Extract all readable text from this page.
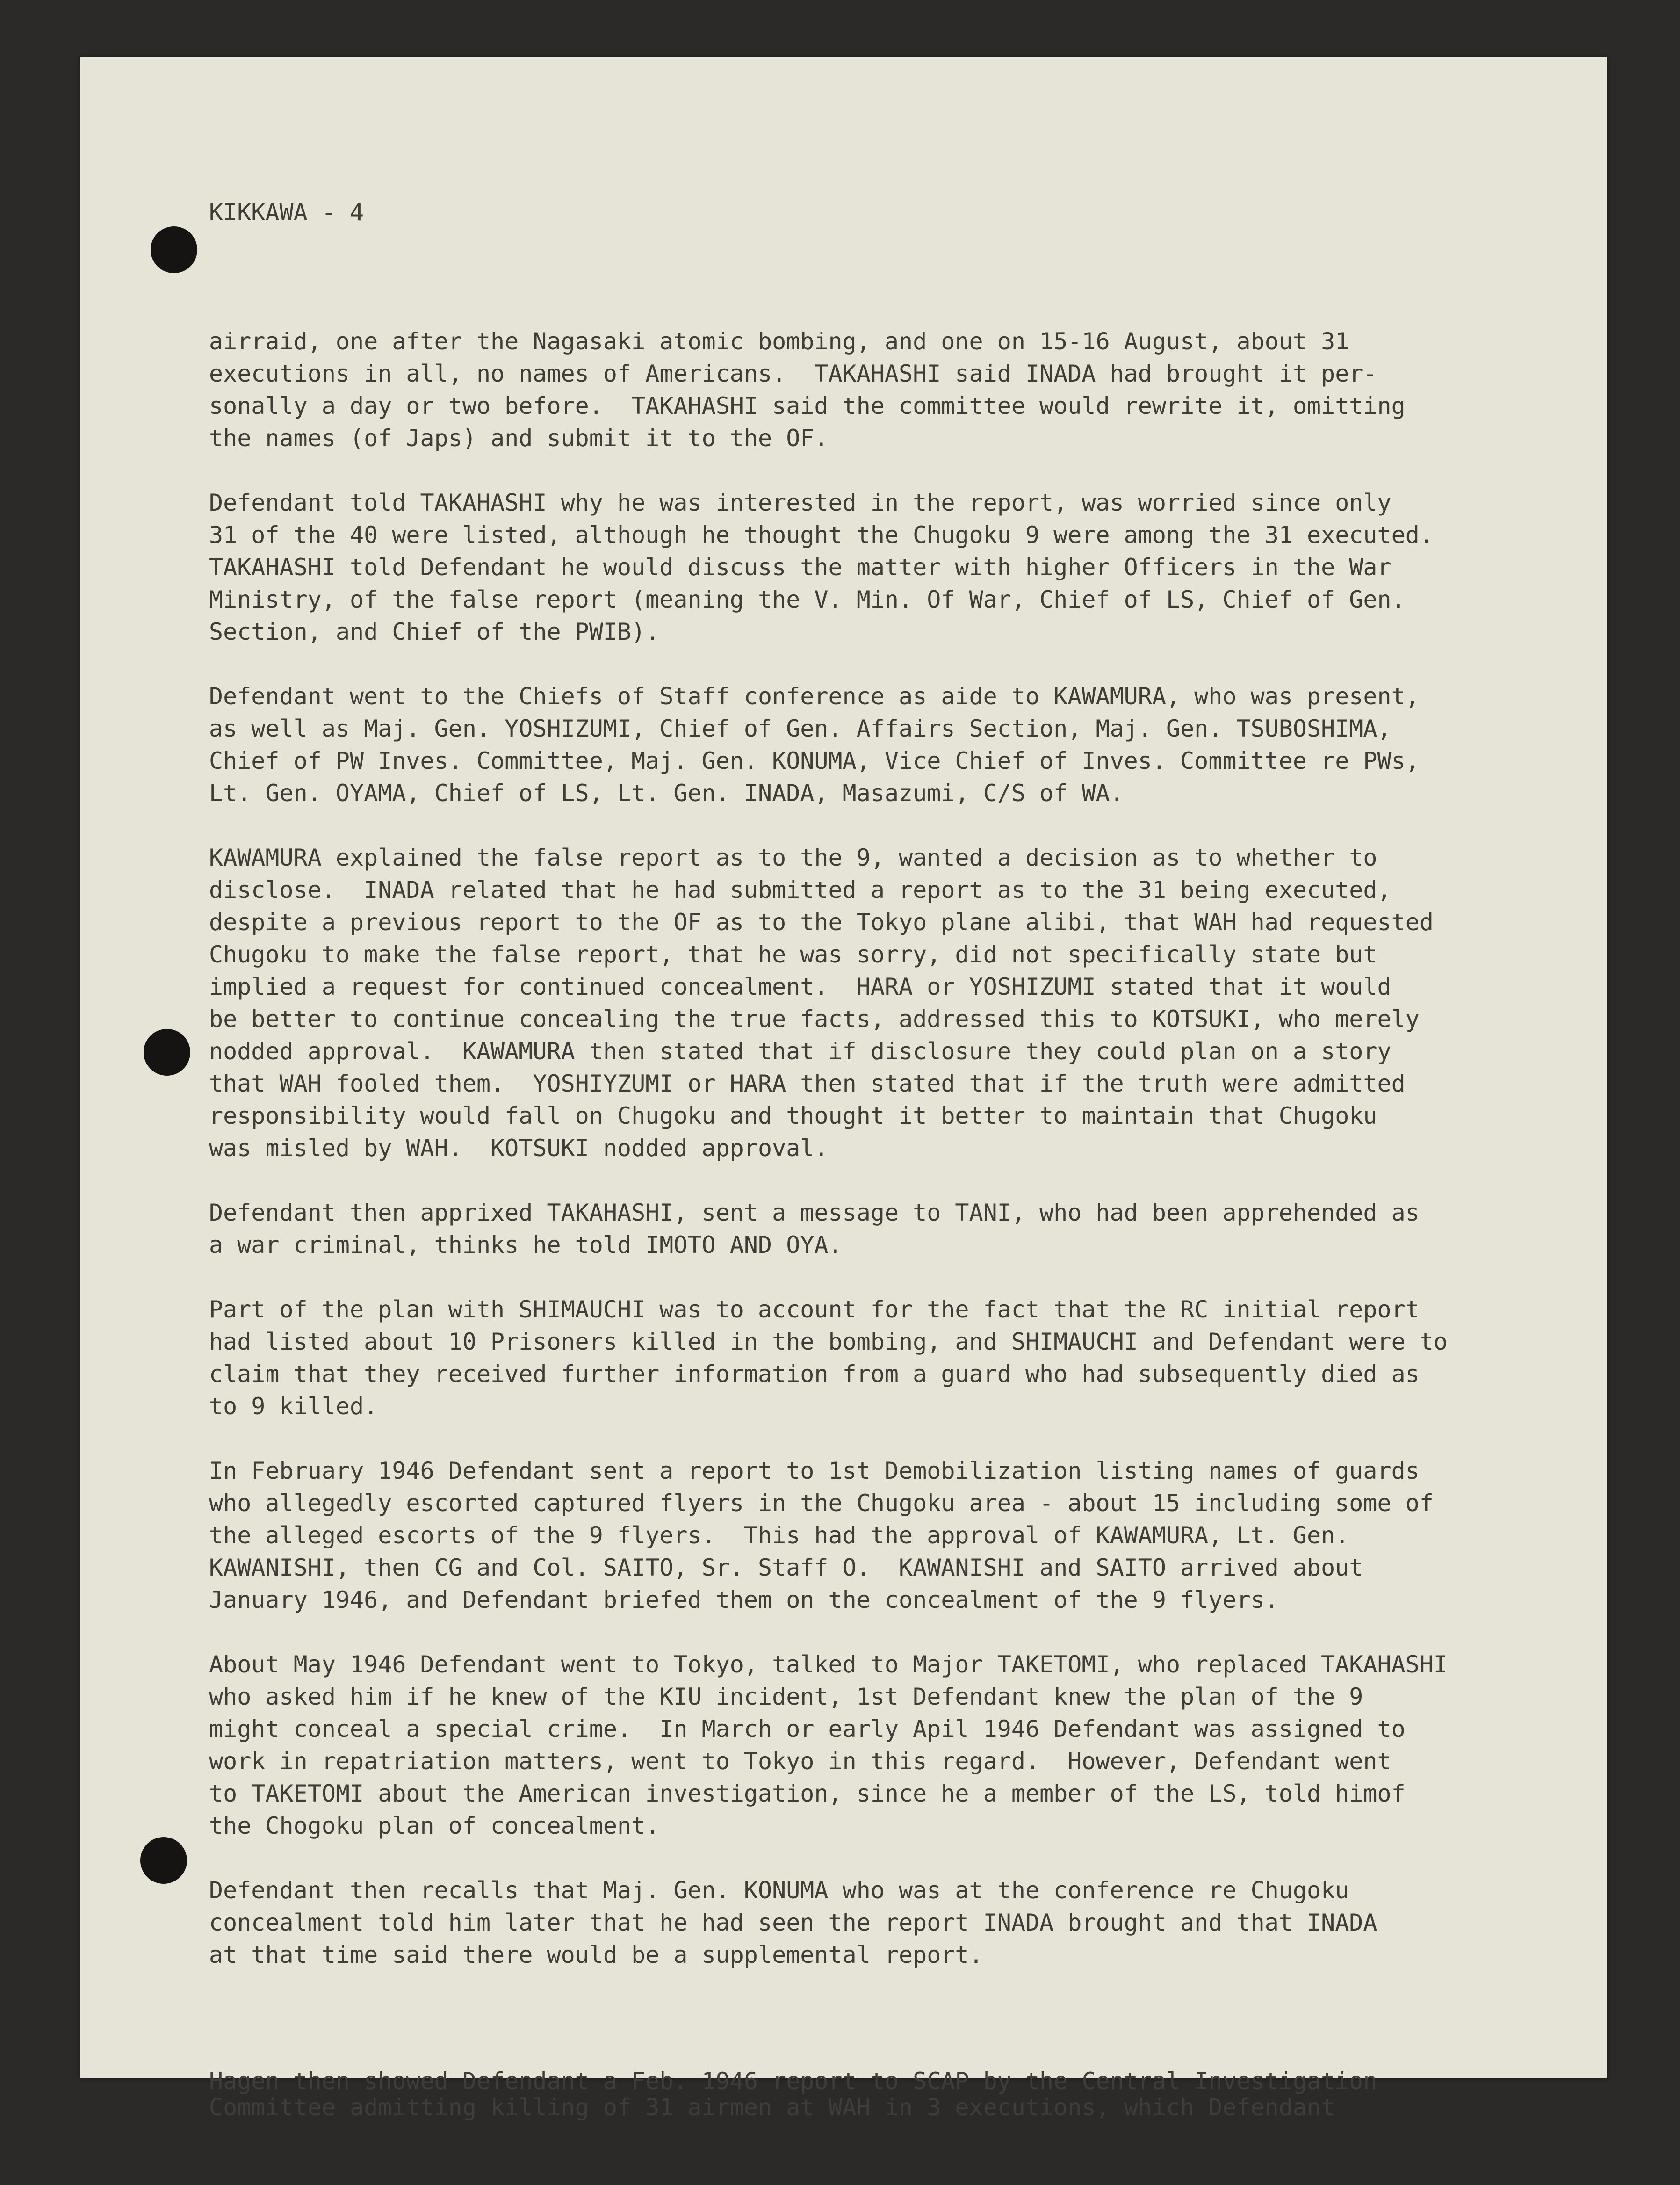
KIKKAWA - 4

airraid, one after the Nagasaki atomic bombing, and one on 15-16 August, about 31
executions in all, no names of Americans.  TAKAHASHI said INADA had brought it per-
sonally a day or two before.  TAKAHASHI said the committee would rewrite it, omitting
the names (of Japs) and submit it to the OF.
Defendant told TAKAHASHI why he was interested in the report, was worried since only
31 of the 40 were listed, although he thought the Chugoku 9 were among the 31 executed.
TAKAHASHI told Defendant he would discuss the matter with higher Officers in the War
Ministry, of the false report (meaning the V. Min. Of War, Chief of LS, Chief of Gen.
Section, and Chief of the PWIB).
Defendant went to the Chiefs of Staff conference as aide to KAWAMURA, who was present,
as well as Maj. Gen. YOSHIZUMI, Chief of Gen. Affairs Section, Maj. Gen. TSUBOSHIMA,
Chief of PW Inves. Committee, Maj. Gen. KONUMA, Vice Chief of Inves. Committee re PWs,
Lt. Gen. OYAMA, Chief of LS, Lt. Gen. INADA, Masazumi, C/S of WA.
KAWAMURA explained the false report as to the 9, wanted a decision as to whether to
disclose.  INADA related that he had submitted a report as to the 31 being executed,
despite a previous report to the OF as to the Tokyo plane alibi, that WAH had requested
Chugoku to make the false report, that he was sorry, did not specifically state but
implied a request for continued concealment.  HARA or YOSHIZUMI stated that it would
be better to continue concealing the true facts, addressed this to KOTSUKI, who merely
nodded approval.  KAWAMURA then stated that if disclosure they could plan on a story
that WAH fooled them.  YOSHIYZUMI or HARA then stated that if the truth were admitted
responsibility would fall on Chugoku and thought it better to maintain that Chugoku
was misled by WAH.  KOTSUKI nodded approval.
Defendant then apprixed TAKAHASHI, sent a message to TANI, who had been apprehended as
a war criminal, thinks he told IMOTO AND OYA.
Part of the plan with SHIMAUCHI was to account for the fact that the RC initial report
had listed about 10 Prisoners killed in the bombing, and SHIMAUCHI and Defendant were to
claim that they received further information from a guard who had subsequently died as
to 9 killed.
In February 1946 Defendant sent a report to 1st Demobilization listing names of guards
who allegedly escorted captured flyers in the Chugoku area - about 15 including some of
the alleged escorts of the 9 flyers.  This had the approval of KAWAMURA, Lt. Gen.
KAWANISHI, then CG and Col. SAITO, Sr. Staff O.  KAWANISHI and SAITO arrived about
January 1946, and Defendant briefed them on the concealment of the 9 flyers.
About May 1946 Defendant went to Tokyo, talked to Major TAKETOMI, who replaced TAKAHASHI
who asked him if he knew of the KIU incident, 1st Defendant knew the plan of the 9
might conceal a special crime.  In March or early Apil 1946 Defendant was assigned to
work in repatriation matters, went to Tokyo in this regard.  However, Defendant went
to TAKETOMI about the American investigation, since he a member of the LS, told himof
the Chogoku plan of concealment.
Defendant then recalls that Maj. Gen. KONUMA who was at the conference re Chugoku
concealment told him later that he had seen the report INADA brought and that INADA
at that time said there would be a supplemental report.

Hagen then showed Defendant a Feb. 1946 report to SCAP by the Central Investigation
Committee admitting killing of 31 airmen at WAH in 3 executions, which Defendant
